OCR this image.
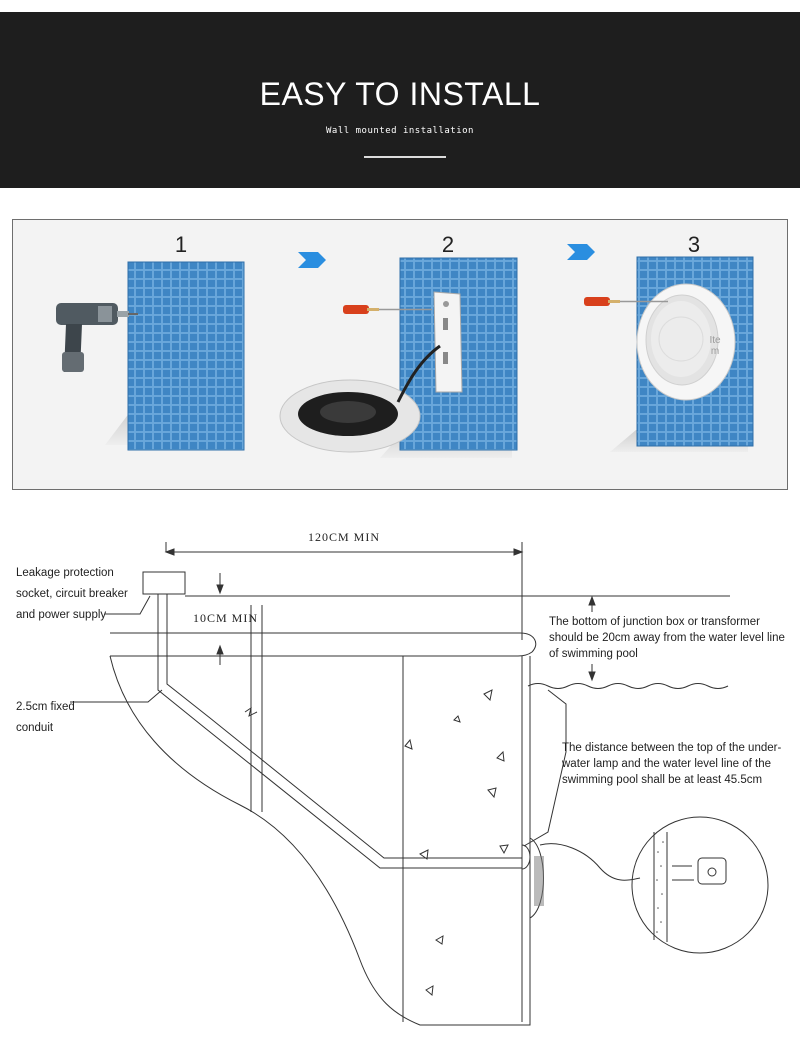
EASY TO INSTALL
Wall mounted installation
1	2	3
Ite
m
120CM MIN
10CM MIN
Leakage protection
socket, circuit breaker
and power supply
2.5cm fixed
conduit
The bottom of junction box or transformer
should be 20cm away from the water level line
of swimming pool
The distance between the top of the under-
water lamp and the water level line of the
swimming pool shall be at least 45.5cm
